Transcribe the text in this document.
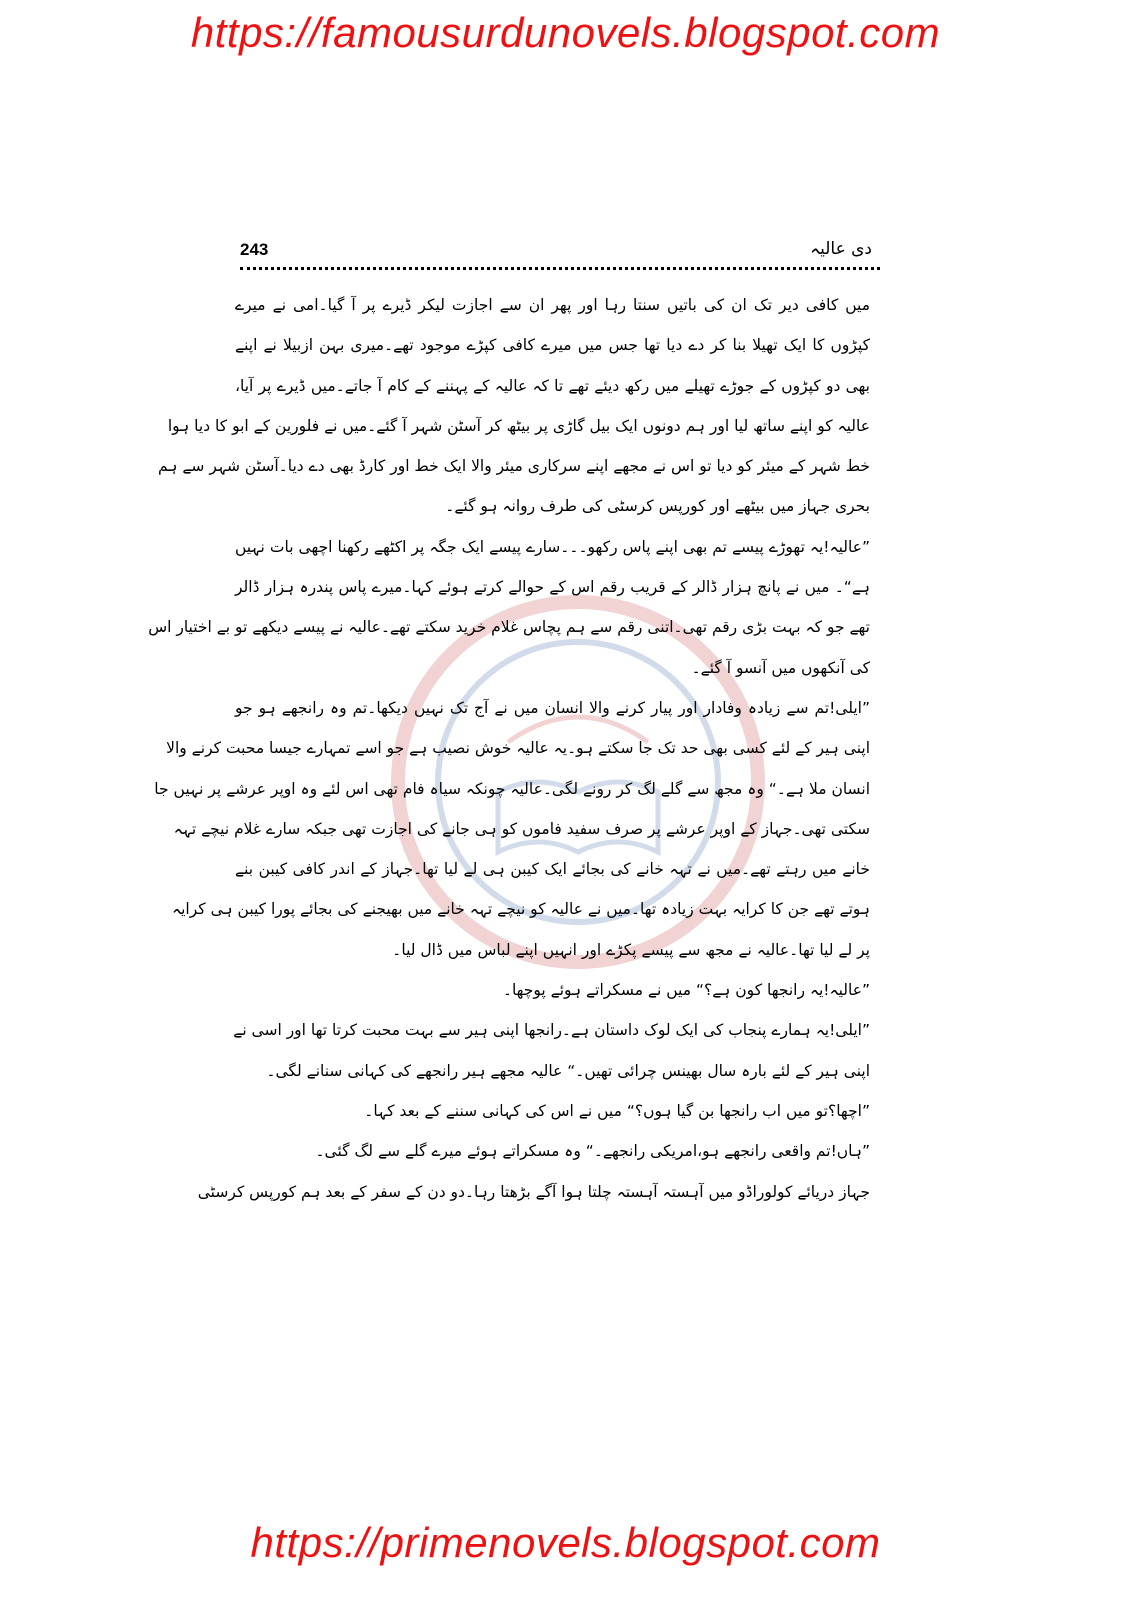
https://famousurdunovels.blogspot.com
243	دی عالیہ
میں کافی دیر تک ان کی باتیں سنتا رہا اور پھر ان سے اجازت لیکر ڈیرے پر آ گیا۔امی نے میرے
کپڑوں کا ایک تھیلا بنا کر دے دیا تھا جس میں میرے کافی کپڑے موجود تھے۔میری بہن ازبیلا نے اپنے
بھی دو کپڑوں کے جوڑے تھیلے میں رکھ دیئے تھے تا کہ عالیہ کے پہننے کے کام آ جاتے۔میں ڈیرے پر آیا،
عالیہ کو اپنے ساتھ لیا اور ہم دونوں ایک بیل گاڑی پر بیٹھ کر آسٹن شہر آ گئے۔میں نے فلورین کے ابو کا دیا ہوا
خط شہر کے میئر کو دیا تو اس نے مجھے اپنے سرکاری میئر والا ایک خط اور کارڈ بھی دے دیا۔آسٹن شہر سے ہم
بحری جہاز میں بیٹھے اور کورپس کرسٹی کی طرف روانہ ہو گئے۔
”عالیہ!یہ تھوڑے پیسے تم بھی اپنے پاس رکھو۔۔۔سارے پیسے ایک جگہ پر اکٹھے رکھنا اچھی بات نہیں
ہے“۔ میں نے پانچ ہزار ڈالر کے قریب رقم اس کے حوالے کرتے ہوئے کہا۔میرے پاس پندرہ ہزار ڈالر
تھے جو کہ بہت بڑی رقم تھی۔اتنی رقم سے ہم پچاس غلام خرید سکتے تھے۔عالیہ نے پیسے دیکھے تو بے اختیار اس
کی آنکھوں میں آنسو آ گئے۔
”ایلی!تم سے زیادہ وفادار اور پیار کرنے والا انسان میں نے آج تک نہیں دیکھا۔تم وہ رانجھے ہو جو
اپنی ہیر کے لئے کسی بھی حد تک جا سکتے ہو۔یہ عالیہ خوش نصیب ہے جو اسے تمہارے جیسا محبت کرنے والا
انسان ملا ہے۔“ وہ مجھ سے گلے لگ کر رونے لگی۔عالیہ چونکہ سیاہ فام تھی اس لئے وہ اوپر عرشے پر نہیں جا
سکتی تھی۔جہاز کے اوپر عرشے پر صرف سفید فاموں کو ہی جانے کی اجازت تھی جبکہ سارے غلام نیچے تہہ
خانے میں رہتے تھے۔میں نے تہہ خانے کی بجائے ایک کیبن ہی لے لیا تھا۔جہاز کے اندر کافی کیبن بنے
ہوتے تھے جن کا کرایہ بہت زیادہ تھا۔میں نے عالیہ کو نیچے تہہ خانے میں بھیجنے کی بجائے پورا کیبن ہی کرایہ
پر لے لیا تھا۔عالیہ نے مجھ سے پیسے پکڑے اور انہیں اپنے لباس میں ڈال لیا۔
”عالیہ!یہ رانجھا کون ہے؟“ میں نے مسکراتے ہوئے پوچھا۔
”ایلی!یہ ہمارے پنجاب کی ایک لوک داستان ہے۔رانجھا اپنی ہیر سے بہت محبت کرتا تھا اور اسی نے
اپنی ہیر کے لئے بارہ سال بھینس چرائی تھیں۔“ عالیہ مجھے ہیر رانجھے کی کہانی سنانے لگی۔
”اچھا؟تو میں اب رانجھا بن گیا ہوں؟“ میں نے اس کی کہانی سننے کے بعد کہا۔
”ہاں!تم واقعی رانجھے ہو،امریکی رانجھے۔“ وہ مسکراتے ہوئے میرے گلے سے لگ گئی۔
جہاز دریائے کولوراڈو میں آہستہ آہستہ چلتا ہوا آگے بڑھتا رہا۔دو دن کے سفر کے بعد ہم کورپس کرسٹی
https://primenovels.blogspot.com
